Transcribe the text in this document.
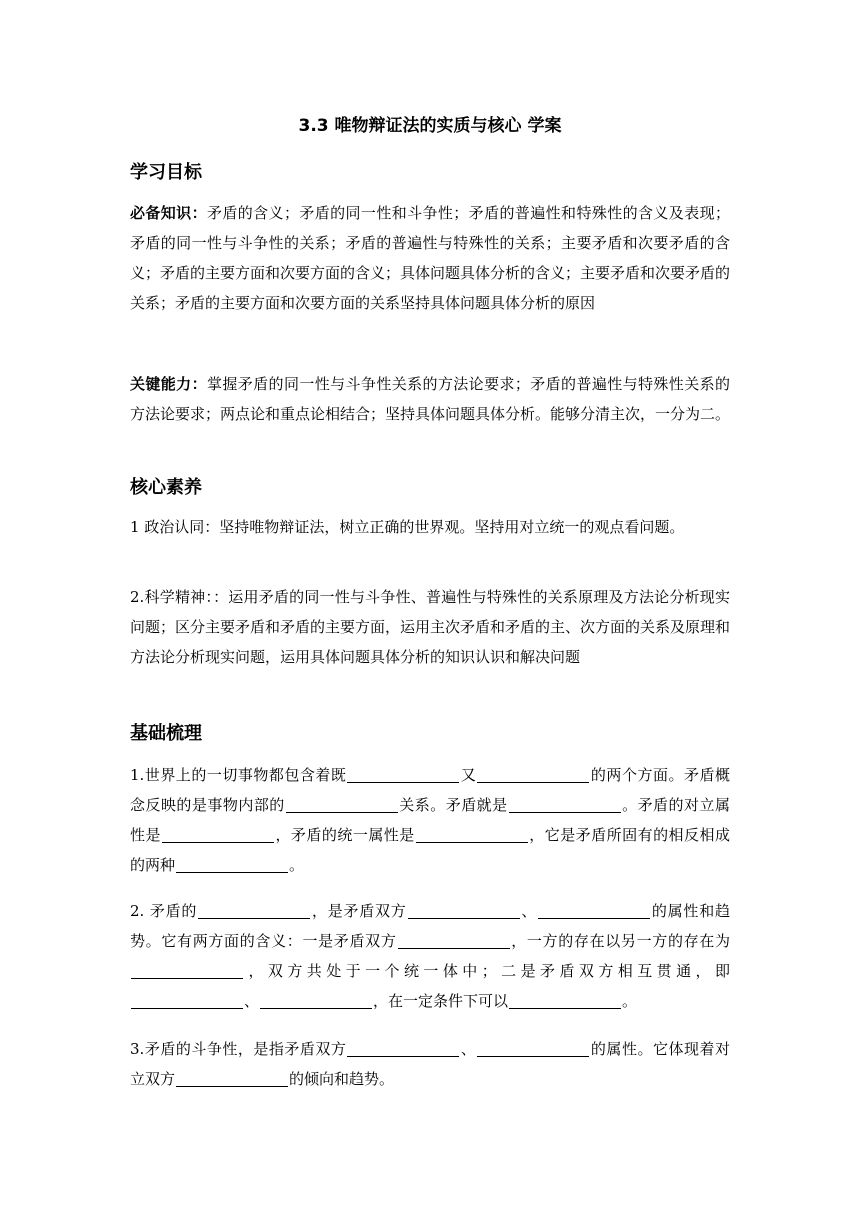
3.3 唯物辩证法的实质与核心 学案
学习目标
必备知识：矛盾的含义；矛盾的同一性和斗争性；矛盾的普遍性和特殊性的含义及表现；矛盾的同一性与斗争性的关系；矛盾的普遍性与特殊性的关系；主要矛盾和次要矛盾的含义；矛盾的主要方面和次要方面的含义；具体问题具体分析的含义；主要矛盾和次要矛盾的关系；矛盾的主要方面和次要方面的关系坚持具体问题具体分析的原因
关键能力：掌握矛盾的同一性与斗争性关系的方法论要求；矛盾的普遍性与特殊性关系的方法论要求；两点论和重点论相结合；坚持具体问题具体分析。能够分清主次，一分为二。
核心素养
1 政治认同：坚持唯物辩证法，树立正确的世界观。坚持用对立统一的观点看问题。
2.科学精神：：运用矛盾的同一性与斗争性、普遍性与特殊性的关系原理及方法论分析现实问题；区分主要矛盾和矛盾的主要方面，运用主次矛盾和矛盾的主、次方面的关系及原理和方法论分析现实问题，运用具体问题具体分析的知识认识和解决问题
基础梳理
1.世界上的一切事物都包含着既	又	的两个方面。矛盾概念反映的是事物内部的	关系。矛盾就是	。矛盾的对立属性是	，矛盾的统一属性是	，它是矛盾所固有的相反相成的两种	。
2. 矛盾的	，是矛盾双方	、	的属性和趋势。它有两方面的含义：一是矛盾双方	，一方的存在以另一方的存在为，双方共处于一个统一体中；二是矛盾双方相互贯通，即、	，在一定条件下可以	。
3.矛盾的斗争性，是指矛盾双方	、	的属性。它体现着对立双方	的倾向和趋势。
